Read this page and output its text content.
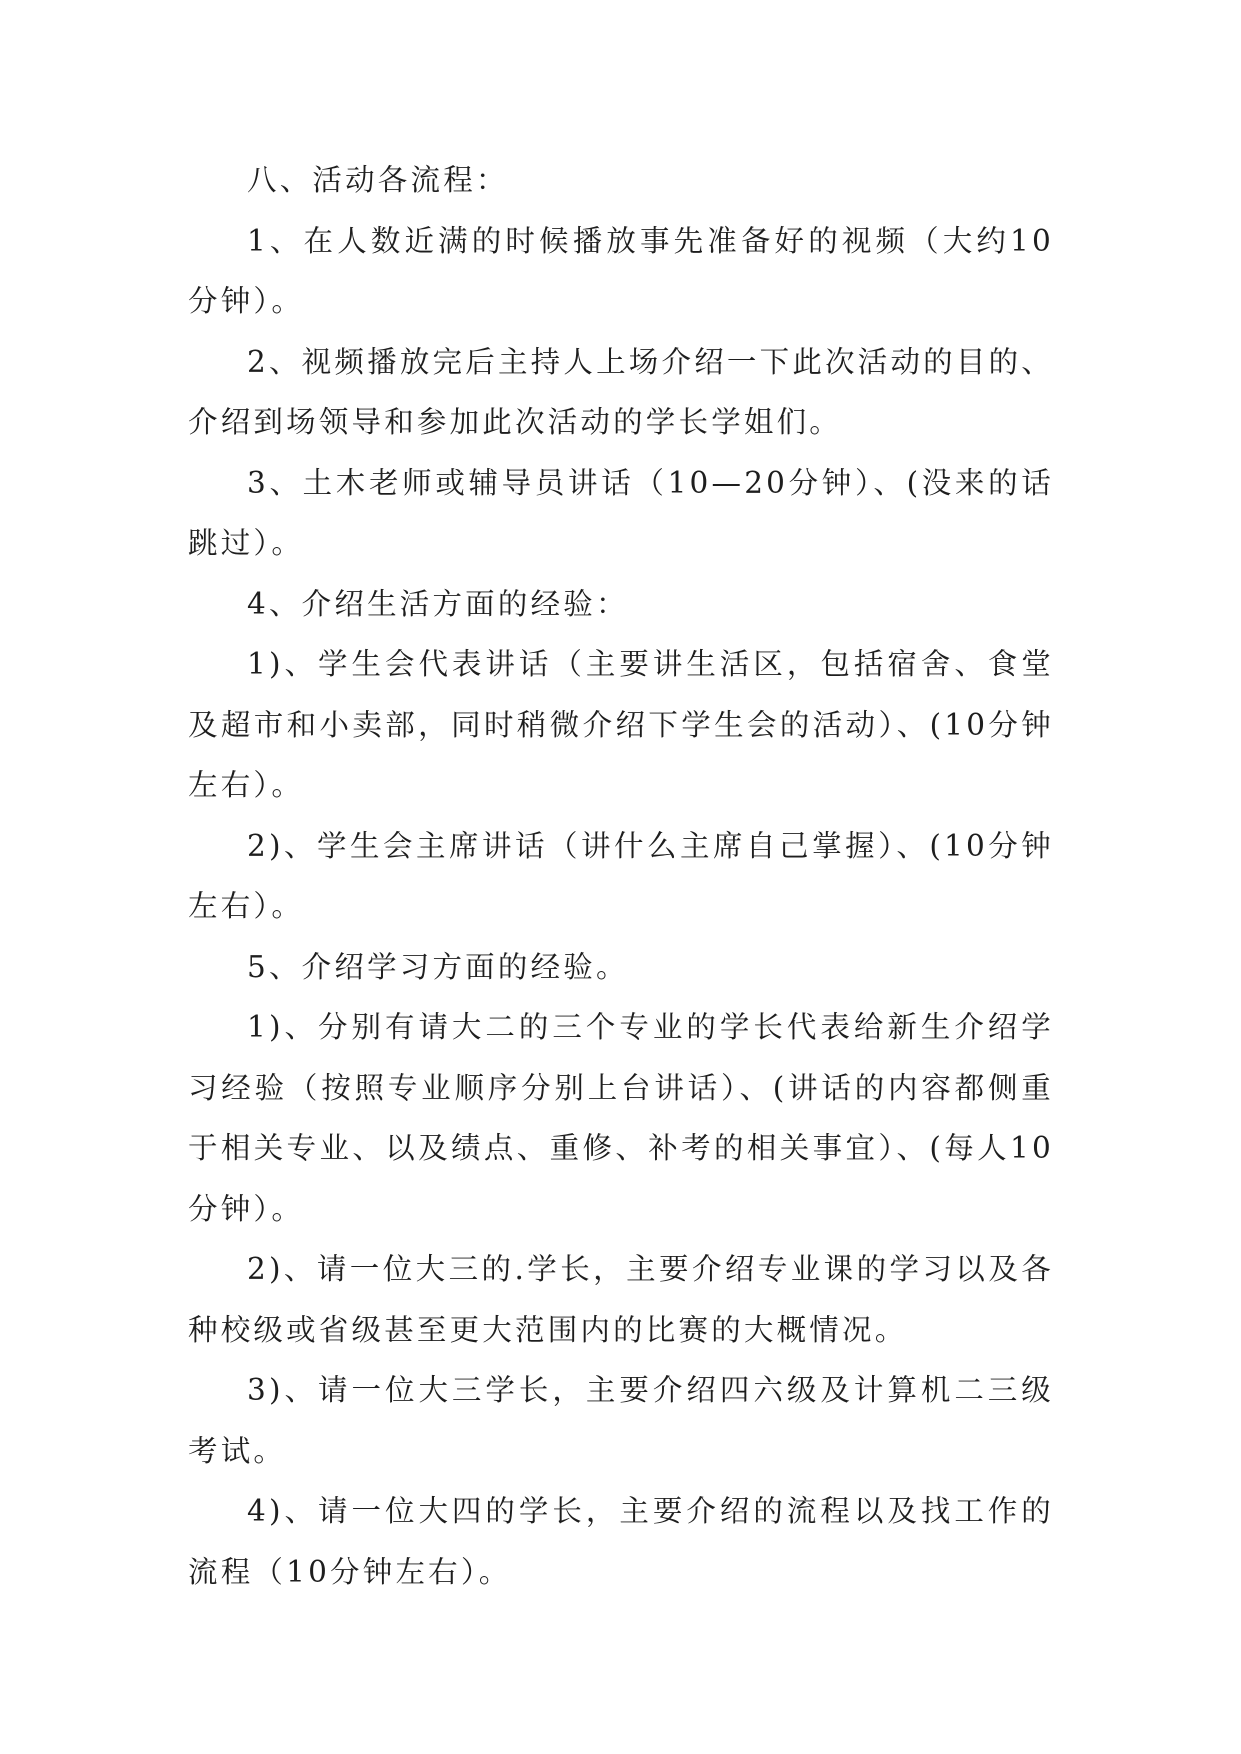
八、活动各流程：

1、在人数近满的时候播放事先准备好的视频（大约10分钟）。

2、视频播放完后主持人上场介绍一下此次活动的目的、介绍到场领导和参加此次活动的学长学姐们。

3、土木老师或辅导员讲话（10—20分钟）、(没来的话跳过）。

4、介绍生活方面的经验：

1)、学生会代表讲话（主要讲生活区，包括宿舍、食堂及超市和小卖部，同时稍微介绍下学生会的活动）、(10分钟左右）。

2)、学生会主席讲话（讲什么主席自己掌握）、(10分钟左右）。

5、介绍学习方面的经验。

1)、分别有请大二的三个专业的学长代表给新生介绍学习经验（按照专业顺序分别上台讲话）、(讲话的内容都侧重于相关专业、以及绩点、重修、补考的相关事宜）、(每人10分钟）。

2)、请一位大三的.学长，主要介绍专业课的学习以及各种校级或省级甚至更大范围内的比赛的大概情况。

3)、请一位大三学长，主要介绍四六级及计算机二三级考试。

4)、请一位大四的学长，主要介绍的流程以及找工作的流程（10分钟左右）。
